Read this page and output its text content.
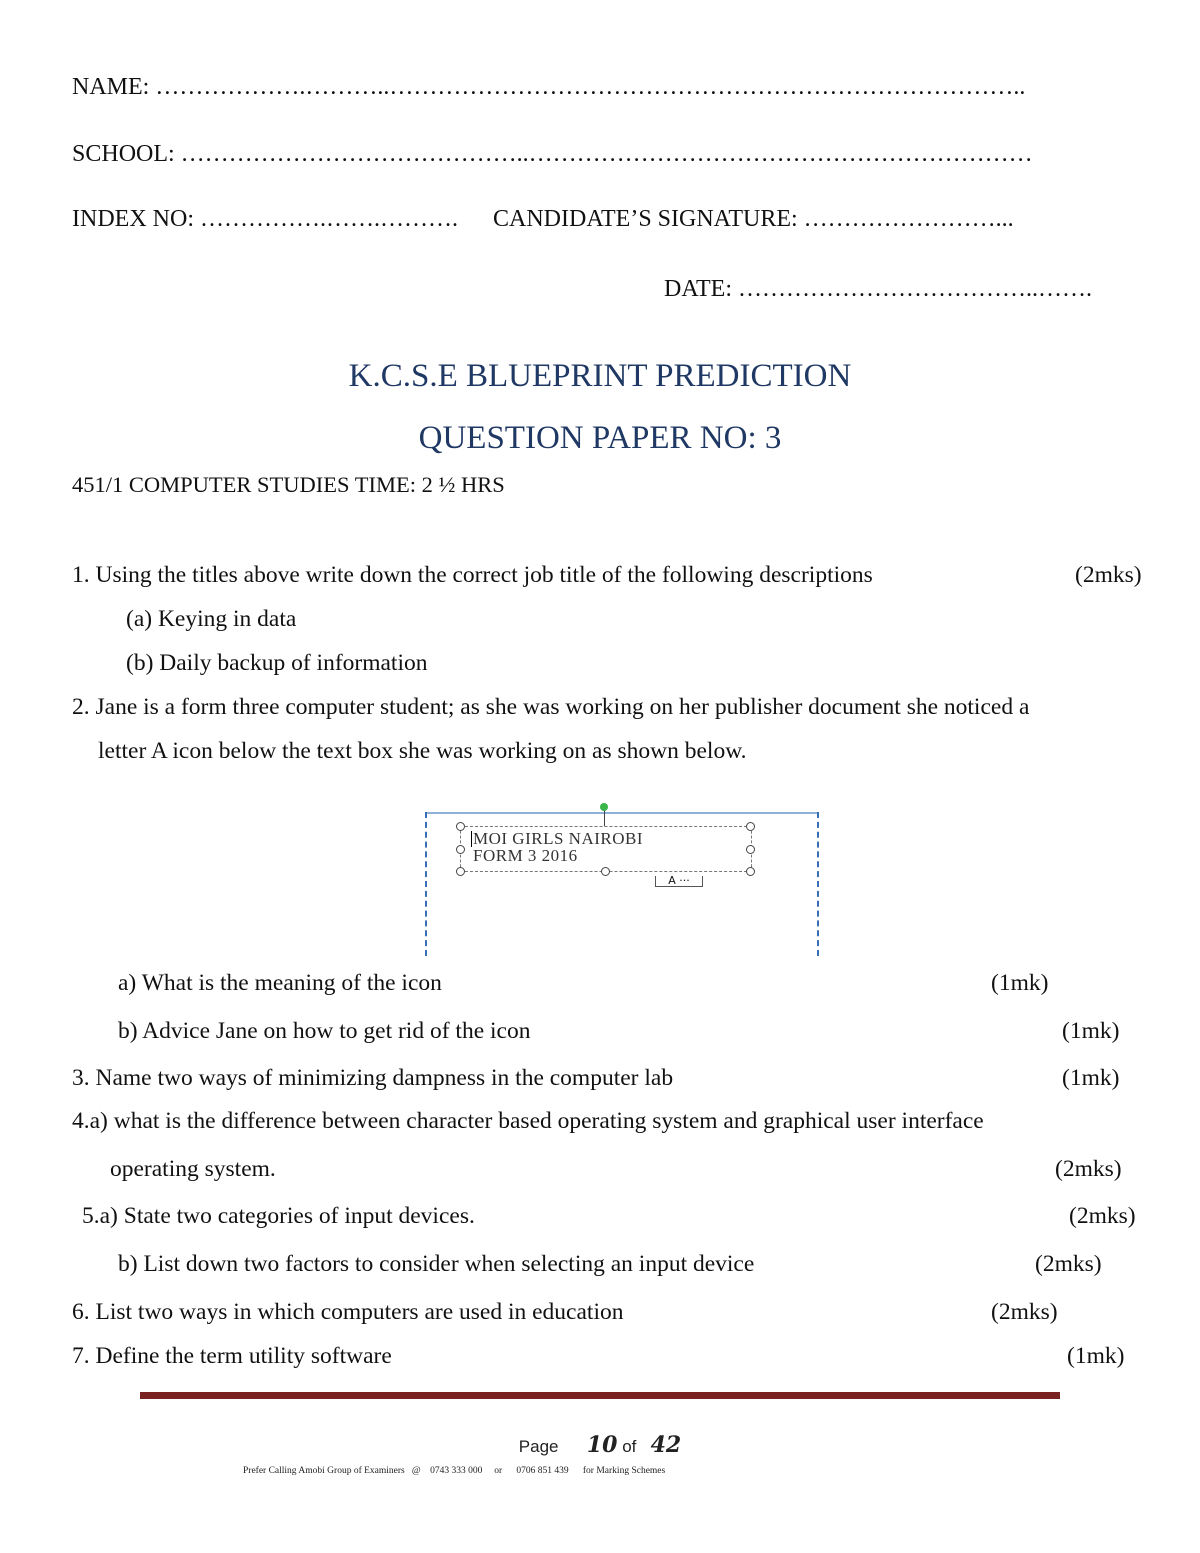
NAME: ……………….………..……………………………………………………………………..
SCHOOL: ……………………………………..………………………………………………………
INDEX NO: …………….…….………. CANDIDATE’S SIGNATURE: ……………………...
DATE: ………………………………..…….
K.C.S.E BLUEPRINT PREDICTION
QUESTION PAPER NO: 3
451/1 COMPUTER STUDIES TIME: 2 ½ HRS
1. Using the titles above write down the correct job title of the following descriptions	(2mks)
(a) Keying in data
(b) Daily backup of information
2. Jane is a form three computer student; as she was working on her publisher document she noticed a
letter A icon below the text box she was working on as shown below.
MOI GIRLS NAIROBI
FORM 3 2016
A ···
a) What is the meaning of the icon	(1mk)
b) Advice Jane on how to get rid of the icon	(1mk)
3. Name two ways of minimizing dampness in the computer lab	(1mk)
4.a) what is the difference between character based operating system and graphical user interface
operating system.	(2mks)
5.a) State two categories of input devices.	(2mks)
b) List down two factors to consider when selecting an input device	(2mks)
6. List two ways in which computers are used in education	(2mks)
7. Define the term utility software	(1mk)
Page 10 of 42
Prefer Calling Amobi Group of Examiners   @    0743 333 000     or      0706 851 439      for Marking Schemes
